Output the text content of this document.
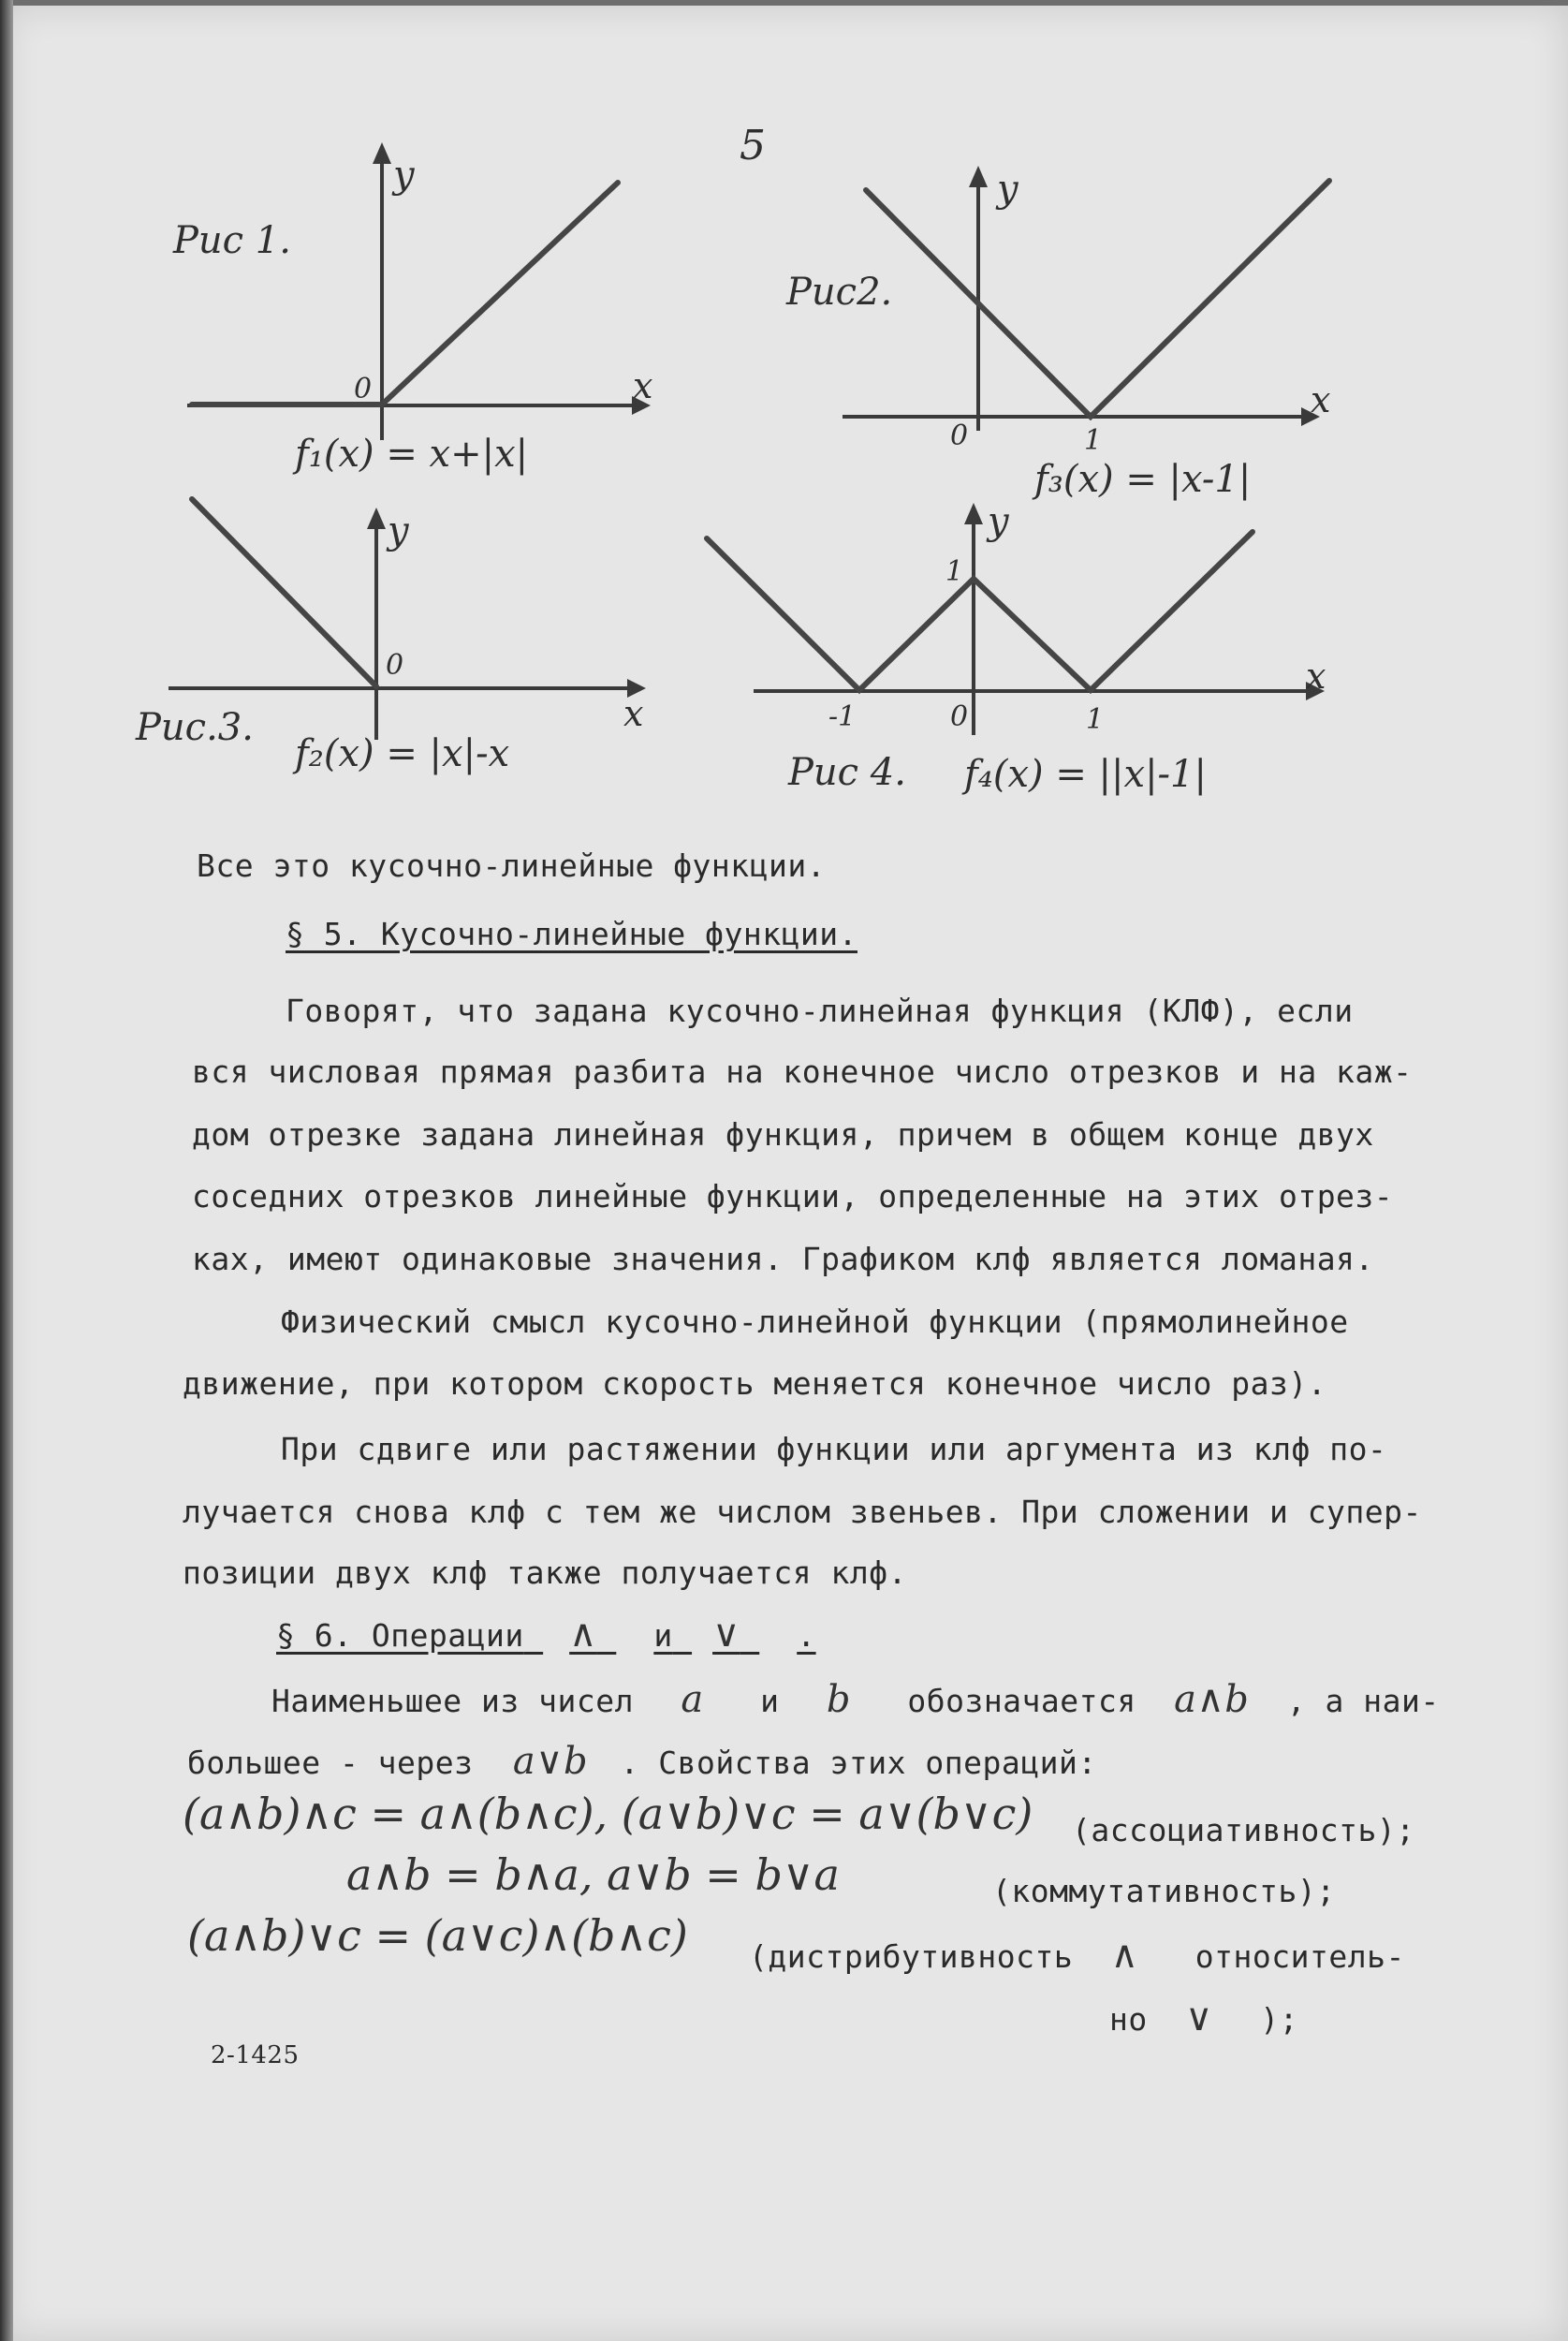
5
Рис 1.
0
y
x
f₁(x) = x+|x|
Рис2.
0	1
y
x
f₃(x) = |x-1|
Рис.3.
0
y
x
f₂(x) = |x|-x	Рис 4.
1
-1	0	1
y
x
f₄(x) = ||x|-1|
Все это кусочно-линейные функции.
§ 5. Кусочно-линейные функции.
Говорят, что задана кусочно-линейная функция (КЛФ), если
вся числовая прямая разбита на конечное число отрезков и на каж-
дом отрезке задана линейная функция, причем в общем конце двух
соседних отрезков линейные функции, определенные на этих отрез-
ках, имеют одинаковые значения. Графиком клф является ломаная.
Физический смысл кусочно-линейной функции (прямолинейное
движение, при котором скорость меняется конечное число раз).
При сдвиге или растяжении функции или аргумента из клф по-
лучается снова клф с тем же числом звеньев. При сложении и супер-
позиции двух клф также получается клф.
§ 6. Операции ∧ и ∨ .
Наименьшее из чисел a и b обозначается a∧b , а наи-
большее - через a∨b . Свойства этих операций:
(a∧b)∧c = a∧(b∧c), (a∨b)∨c = a∨(b∨c) (ассоциативность);
a∧b = b∧a, a∨b = b∨a	(коммутативность);
(a∧b)∨c = (a∨c)∧(b∧c) (дистрибутивность ∧ относитель-
но ∨ );
2-1425
